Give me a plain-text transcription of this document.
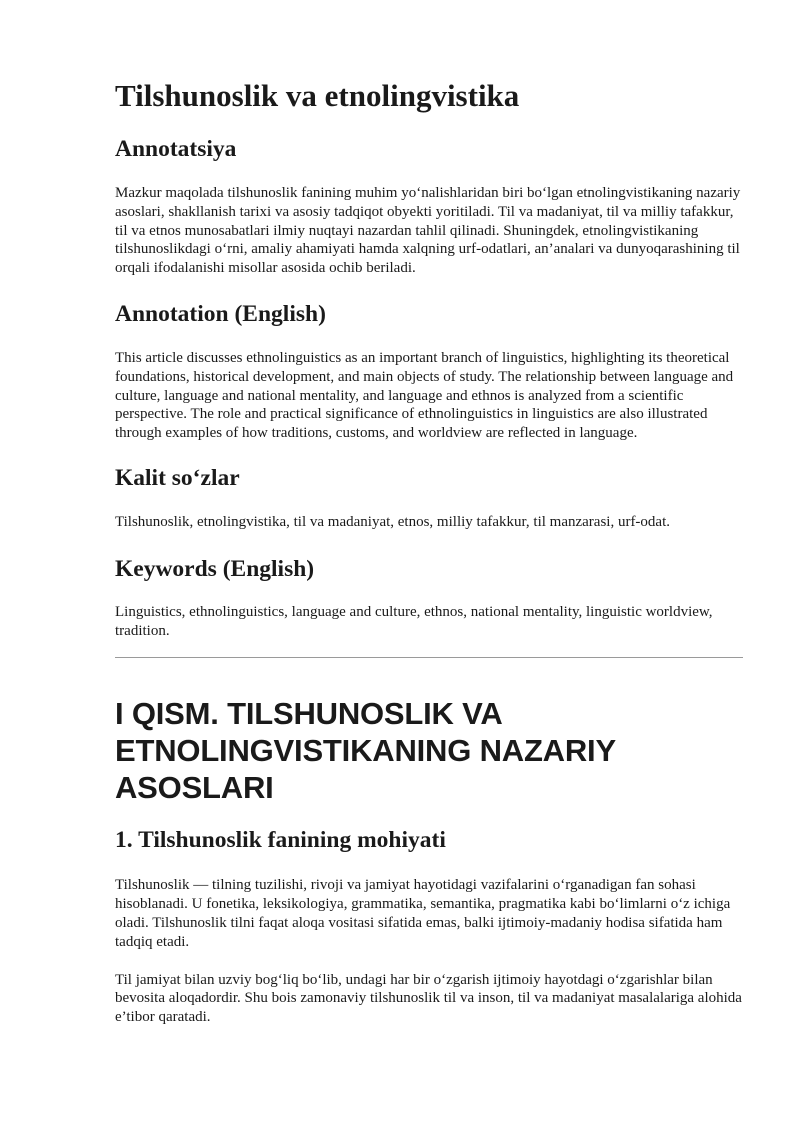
Tilshunoslik va etnolingvistika
Annotatsiya

Mazkur maqolada tilshunoslik fanining muhim yo‘nalishlaridan biri bo‘lgan etnolingvistikaning nazariy asoslari, shakllanish tarixi va asosiy tadqiqot obyekti yoritiladi. Til va madaniyat, til va milliy tafakkur, til va etnos munosabatlari ilmiy nuqtayi nazardan tahlil qilinadi. Shuningdek, etnolingvistikaning tilshunoslikdagi o‘rni, amaliy ahamiyati hamda xalqning urf-odatlari, an’analari va dunyoqarashining til orqali ifodalanishi misollar asosida ochib beriladi.

Annotation (English)

This article discusses ethnolinguistics as an important branch of linguistics, highlighting its theoretical foundations, historical development, and main objects of study. The relationship between language and culture, language and national mentality, and language and ethnos is analyzed from a scientific perspective. The role and practical significance of ethnolinguistics in linguistics are also illustrated through examples of how traditions, customs, and worldview are reflected in language.

Kalit so‘zlar

Tilshunoslik, etnolingvistika, til va madaniyat, etnos, milliy tafakkur, til manzarasi, urf-odat.

Keywords (English)

Linguistics, ethnolinguistics, language and culture, ethnos, national mentality, linguistic worldview, tradition.

I QISM. TILSHUNOSLIK VA ETNOLINGVISTIKANING NAZARIY ASOSLARI
1. Tilshunoslik fanining mohiyati

Tilshunoslik — tilning tuzilishi, rivoji va jamiyat hayotidagi vazifalarini o‘rganadigan fan sohasi hisoblanadi. U fonetika, leksikologiya, grammatika, semantika, pragmatika kabi bo‘limlarni o‘z ichiga oladi. Tilshunoslik tilni faqat aloqa vositasi sifatida emas, balki ijtimoiy-madaniy hodisa sifatida ham tadqiq etadi.

Til jamiyat bilan uzviy bog‘liq bo‘lib, undagi har bir o‘zgarish ijtimoiy hayotdagi o‘zgarishlar bilan bevosita aloqadordir. Shu bois zamonaviy tilshunoslik til va inson, til va madaniyat masalalariga alohida e’tibor qaratadi.
